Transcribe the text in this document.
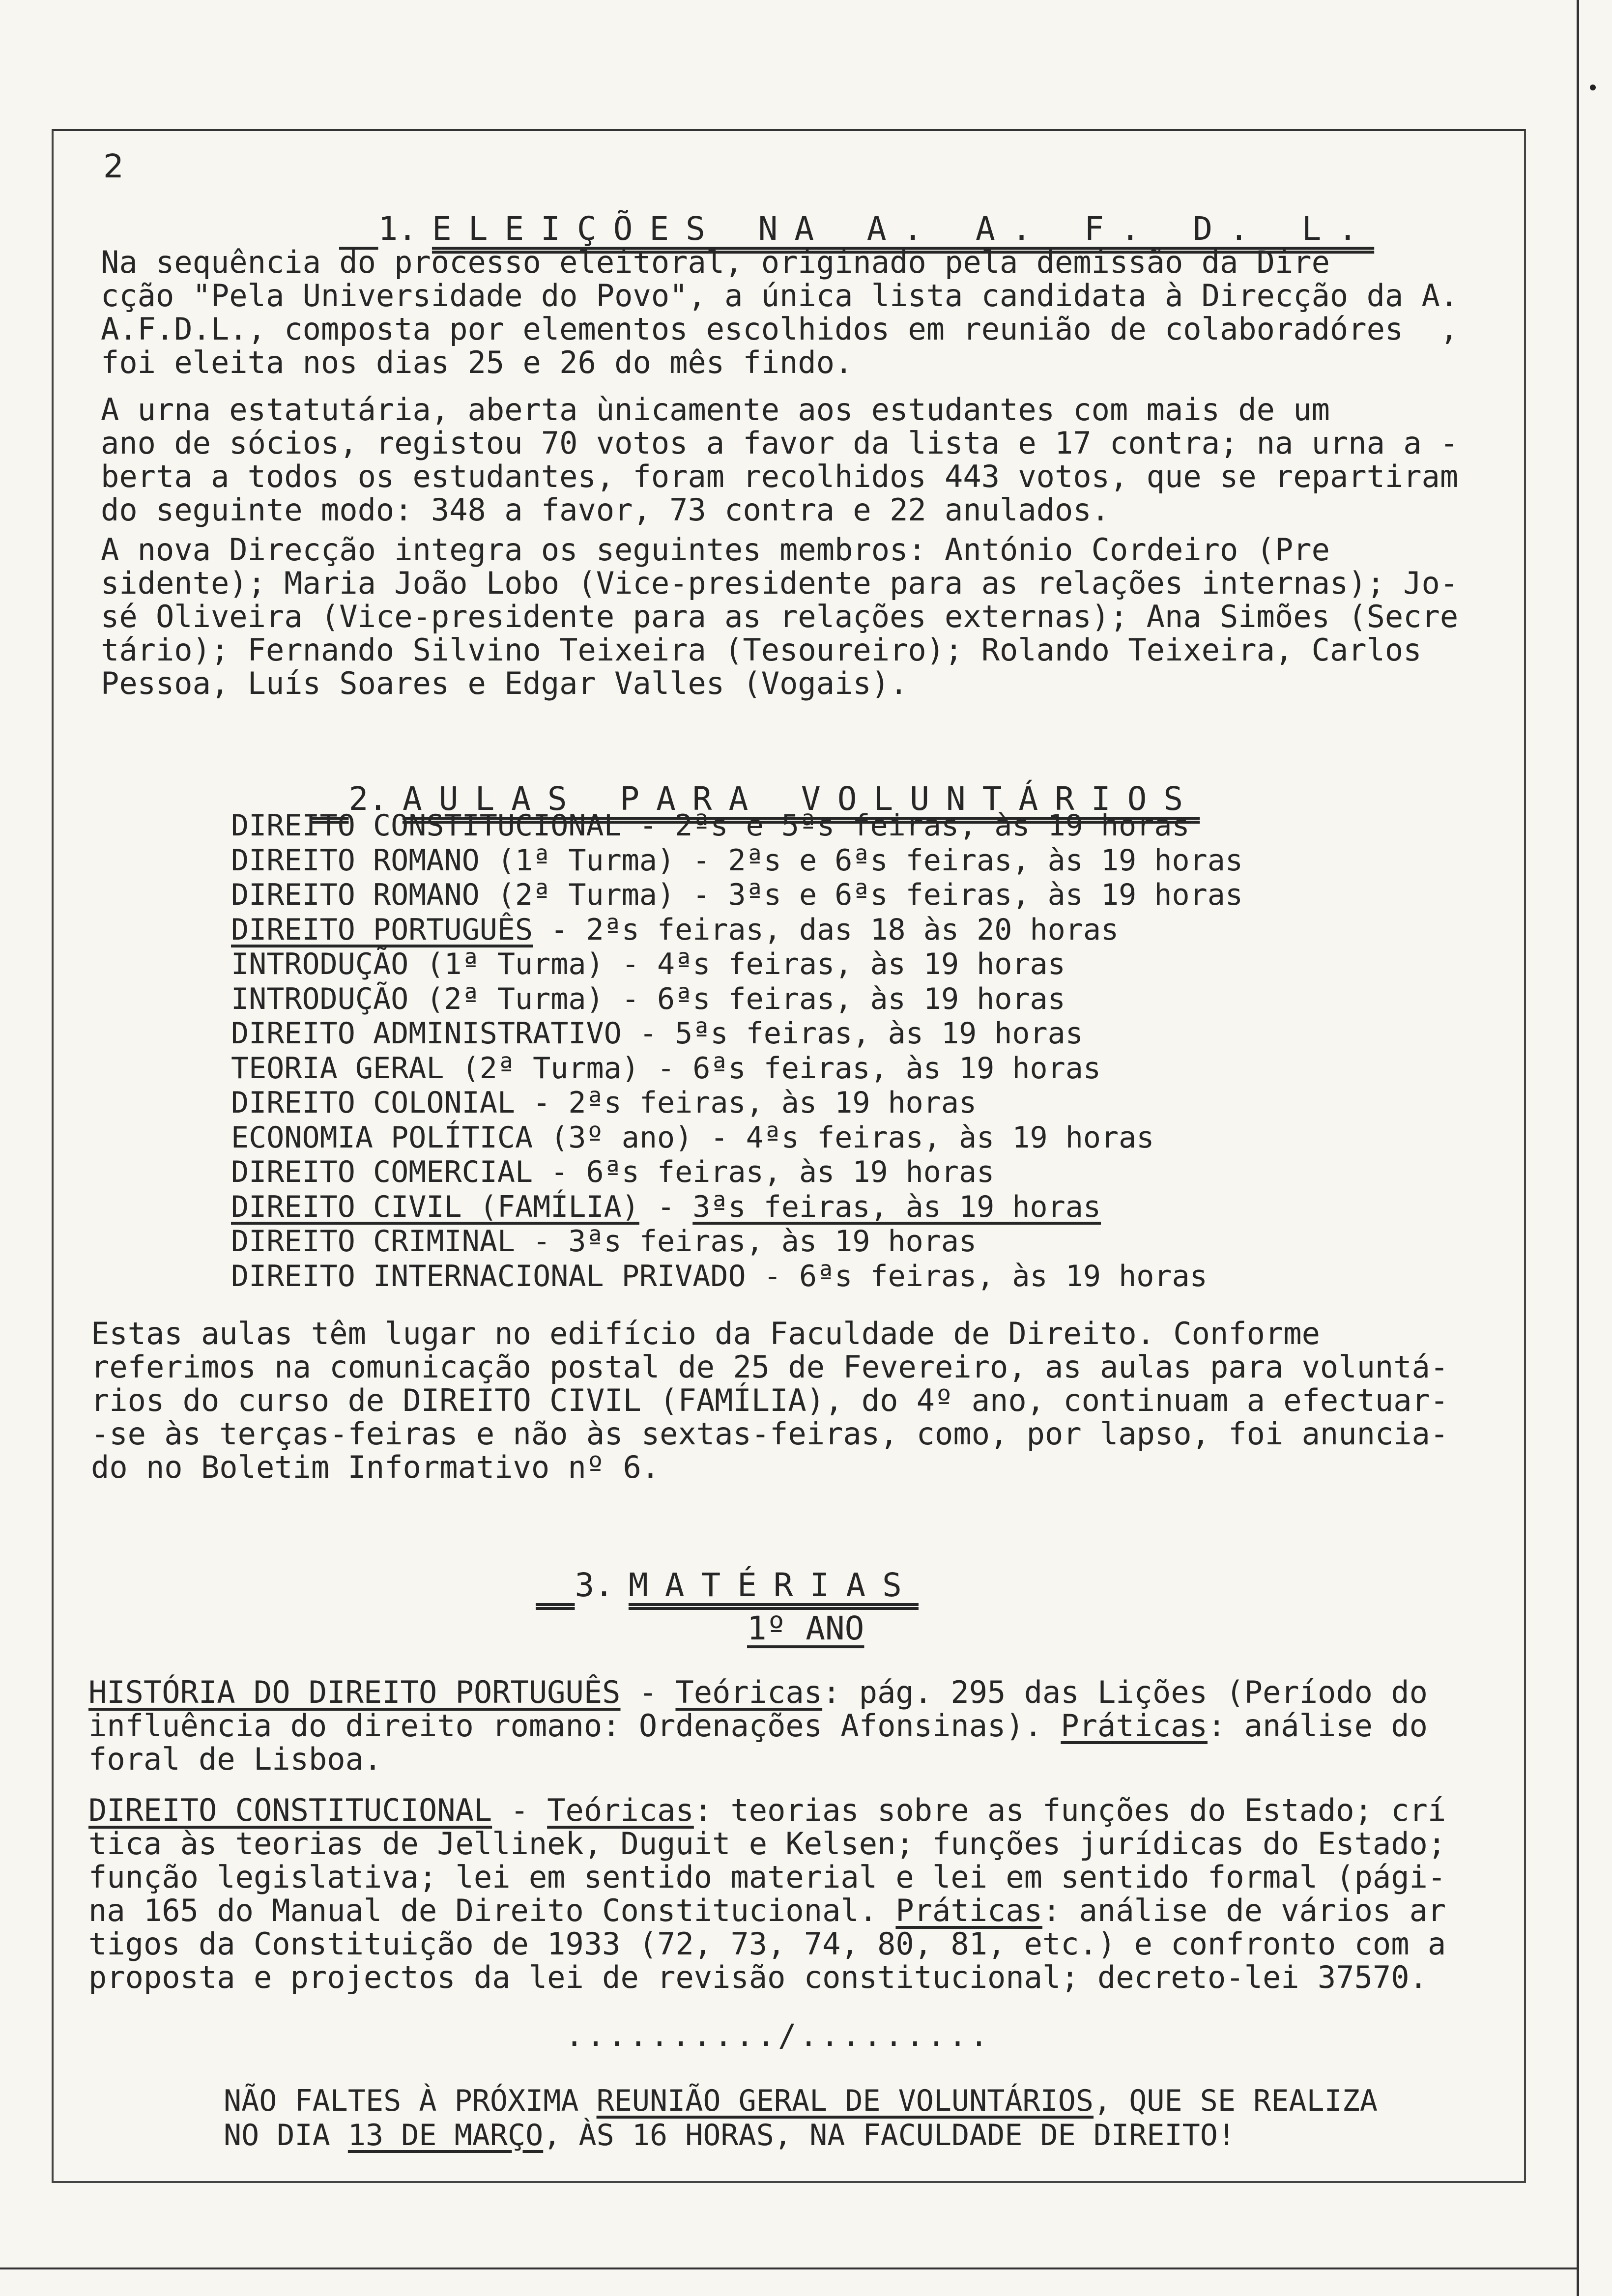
2

1. ELEIÇÕES NA A. A. F. D. L.

Na sequência do processo eleitoral, originado pela demissão da Dire
cção "Pela Universidade do Povo", a única lista candidata à Direcção da A.
A.F.D.L., composta por elementos escolhidos em reunião de colaboradóres  ,
foi eleita nos dias 25 e 26 do mês findo.
A urna estatutária, aberta ùnicamente aos estudantes com mais de um
ano de sócios, registou 70 votos a favor da lista e 17 contra; na urna a -
berta a todos os estudantes, foram recolhidos 443 votos, que se repartiram
do seguinte modo: 348 a favor, 73 contra e 22 anulados.
A nova Direcção integra os seguintes membros: António Cordeiro (Pre
sidente); Maria João Lobo (Vice-presidente para as relações internas); Jo-
sé Oliveira (Vice-presidente para as relações externas); Ana Simões (Secre
tário); Fernando Silvino Teixeira (Tesoureiro); Rolando Teixeira, Carlos
Pessoa, Luís Soares e Edgar Valles (Vogais).

2. AULAS PARA VOLUNTÁRIOS

DIREITO CONSTITUCIONAL - 2ªs e 5ªs feiras, às 19 horas
DIREITO ROMANO (1ª Turma) - 2ªs e 6ªs feiras, às 19 horas
DIREITO ROMANO (2ª Turma) - 3ªs e 6ªs feiras, às 19 horas
DIREITO PORTUGUÊS - 2ªs feiras, das 18 às 20 horas
INTRODUÇÃO (1ª Turma) - 4ªs feiras, às 19 horas
INTRODUÇÃO (2ª Turma) - 6ªs feiras, às 19 horas
DIREITO ADMINISTRATIVO - 5ªs feiras, às 19 horas
TEORIA GERAL (2ª Turma) - 6ªs feiras, às 19 horas
DIREITO COLONIAL - 2ªs feiras, às 19 horas
ECONOMIA POLÍTICA (3º ano) - 4ªs feiras, às 19 horas
DIREITO COMERCIAL - 6ªs feiras, às 19 horas
DIREITO CIVIL (FAMÍLIA) - 3ªs feiras, às 19 horas
DIREITO CRIMINAL - 3ªs feiras, às 19 horas
DIREITO INTERNACIONAL PRIVADO - 6ªs feiras, às 19 horas
Estas aulas têm lugar no edifício da Faculdade de Direito. Conforme
referimos na comunicação postal de 25 de Fevereiro, as aulas para voluntá-
rios do curso de DIREITO CIVIL (FAMÍLIA), do 4º ano, continuam a efectuar-
-se às terças-feiras e não às sextas-feiras, como, por lapso, foi anuncia-
do no Boletim Informativo nº 6.

3. MATÉRIAS

1º ANO
HISTÓRIA DO DIREITO PORTUGUÊS - Teóricas: pág. 295 das Lições (Período do
influência do direito romano: Ordenações Afonsinas). Práticas: análise do
foral de Lisboa.
DIREITO CONSTITUCIONAL - Teóricas: teorias sobre as funções do Estado; crí
tica às teorias de Jellinek, Duguit e Kelsen; funções jurídicas do Estado;
função legislativa; lei em sentido material e lei em sentido formal (pági-
na 165 do Manual de Direito Constitucional. Práticas: análise de vários ar
tigos da Constituição de 1933 (72, 73, 74, 80, 81, etc.) e confronto com a
proposta e projectos da lei de revisão constitucional; decreto-lei 37570.
........../.........
NÃO FALTES À PRÓXIMA REUNIÃO GERAL DE VOLUNTÁRIOS, QUE SE REALIZA
NO DIA 13 DE MARÇO, ÀS 16 HORAS, NA FACULDADE DE DIREITO!
